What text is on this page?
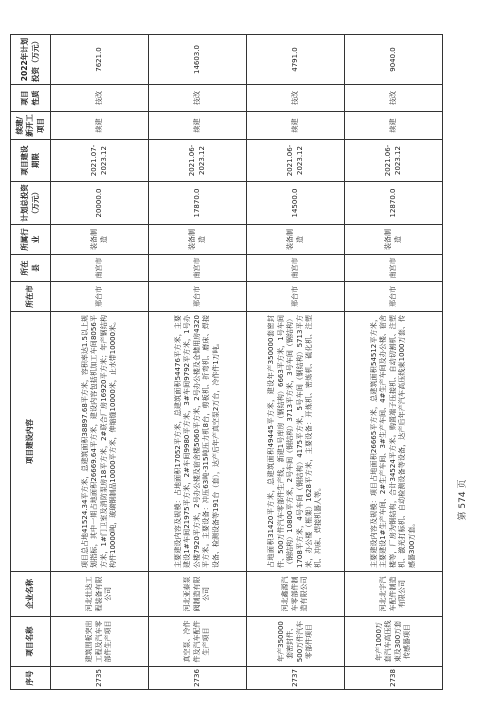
序号
项目名称
企业名称
项目建设内容
所在市
所在县
所属行业
计划总投资（万元）
项目建设期限
续建/新开工项目
项目性质
2022年计划投资（万元）
2735
建筑围板突出工程及汽车零部件生产项目
河北壮达工程装备有限公司
项目总占地41524.34平方米，总建筑面积38897.68平方米，容积率达1.5以上规划指标，其中一期占地面积26669.64平方米，建设内容包括机加工车间8056平方米，1#门卫室及消防泵房18平方米，2#联合厂房16920平方米；年产钢结构构件10000吨，玻璃钢制品10000平方米，伸缩缝10000米，止水带10000米。
邢台市
南宫市
装备制造
20000.0
2021.07-2023.12
续建
技改
7621.0
2736
真空泵、冷作件及汽车配件生产项目
河北亚泰泵阀制造有限公司
主要建设内容及规模：占地面积17052平方米，总建筑面积54476平方米，主要建设1#车间21975平方米，2#车间9980平方米，3#车间9792平方米，1号办公楼7920平方米，2号办公楼及宿舍楼5060平方米，2号办公楼及仓储用房4320平方米。主要设备：冲压63吨-315吨压力机8台，剪板机、折弯机、磨床、焊接设备、检测设备等191台（套），达产后年产真空泵2万台，冷作件1万吨。
邢台市
南宫市
装备制造
17870.0
2021.06-2023.12
续建
技改
14603.0
2737
年产350000套密封件、500万件汽车零部件项目
河北鑫源汽车零部件制造有限公司
占地面积31420平方米，总建筑面积49445平方米，建设年产350000套密封件、500万件汽车零部件生产线，新建1号库房（钢结构）6663平方米，1号车间（钢结构）10800平方米，2号车间（钢结构）3713平方米，3号车间（钢结构）1708平方米，4号车间（钢结构）4175平方米，5号车间（钢结构）5713平方米，办公楼（框架）1628平方米，主要设备：开炼机、密炼机、硫化机、注塑机、冲床、焊接机器人等。
邢台市
南宫市
装备制造
14500.0
2021.06-2023.12
续建
技改
4791.0
2738
年产1000万套汽车高压线束及300万套传感器项目
河北北宇汽车配件制造有限公司
主要建设内容及规模：项目占地面积26665平方米，总建筑面积54512平方米，主要建设1#生产车间、2#生产车间、3#生产车间、4#生产车间及办公楼、宿舍楼等，厂房为钢结构，合计34524平方米。购置端子压接机、自动切割机、注塑机、激光打标机、自动检测设备等设备，达产后年产汽车高压线束1000万套、传感器300万套。
邢台市
南宫市
装备制造
12870.0
2021.06-2023.12
续建
技改
9040.0
第 574 页
